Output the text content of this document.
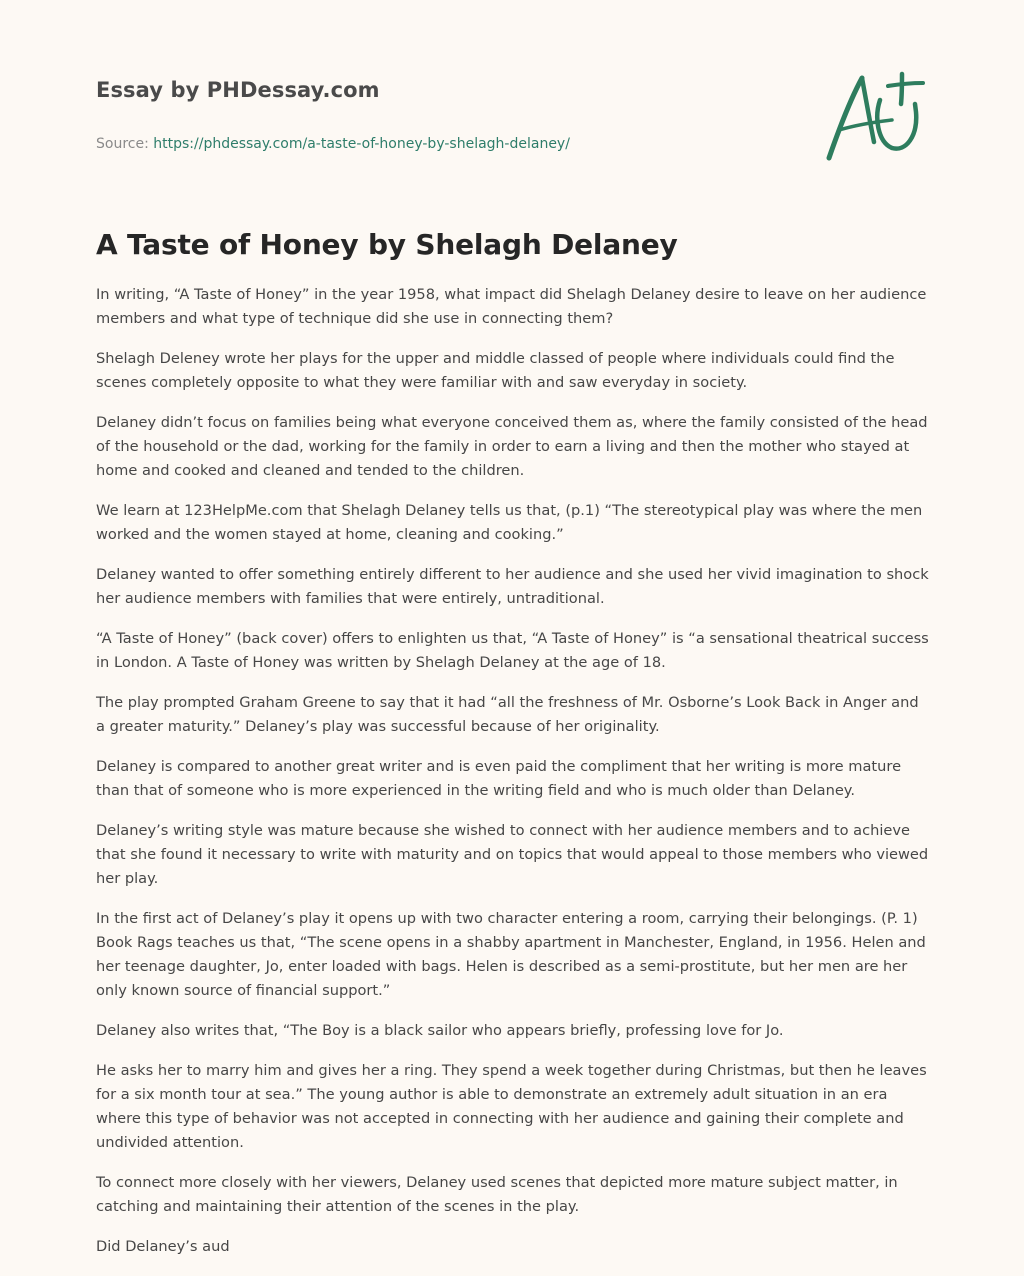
Essay by PHDessay.com
Source: https://phdessay.com/a-taste-of-honey-by-shelagh-delaney/
A Taste of Honey by Shelagh Delaney

In writing, “A Taste of Honey” in the year 1958, what impact did Shelagh Delaney desire to leave on her audience members and what type of technique did she use in connecting them?

Shelagh Deleney wrote her plays for the upper and middle classed of people where individuals could find the scenes completely opposite to what they were familiar with and saw everyday in society.

Delaney didn’t focus on families being what everyone conceived them as, where the family consisted of the head of the household or the dad, working for the family in order to earn a living and then the mother who stayed at home and cooked and cleaned and tended to the children.

We learn at 123HelpMe.com that Shelagh Delaney tells us that, (p.1) “The stereotypical play was where the men worked and the women stayed at home, cleaning and cooking.”

Delaney wanted to offer something entirely different to her audience and she used her vivid imagination to shock her audience members with families that were entirely, untraditional.

“A Taste of Honey” (back cover) offers to enlighten us that, “A Taste of Honey” is “a sensational theatrical success in London. A Taste of Honey was written by Shelagh Delaney at the age of 18.

The play prompted Graham Greene to say that it had “all the freshness of Mr. Osborne’s Look Back in Anger and a greater maturity.” Delaney’s play was successful because of her originality.

Delaney is compared to another great writer and is even paid the compliment that her writing is more mature than that of someone who is more experienced in the writing field and who is much older than Delaney.

Delaney’s writing style was mature because she wished to connect with her audience members and to achieve that she found it necessary to write with maturity and on topics that would appeal to those members who viewed her play.

In the first act of Delaney’s play it opens up with two character entering a room, carrying their belongings. (P. 1) Book Rags teaches us that, “The scene opens in a shabby apartment in Manchester, England, in 1956. Helen and her teenage daughter, Jo, enter loaded with bags. Helen is described as a semi-prostitute, but her men are her only known source of financial support.”

Delaney also writes that, “The Boy is a black sailor who appears briefly, professing love for Jo.

He asks her to marry him and gives her a ring. They spend a week together during Christmas, but then he leaves for a six month tour at sea.” The young author is able to demonstrate an extremely adult situation in an era where this type of behavior was not accepted in connecting with her audience and gaining their complete and undivided attention.

To connect more closely with her viewers, Delaney used scenes that depicted more mature subject matter, in catching and maintaining their attention of the scenes in the play.

Did Delaney’s aud
